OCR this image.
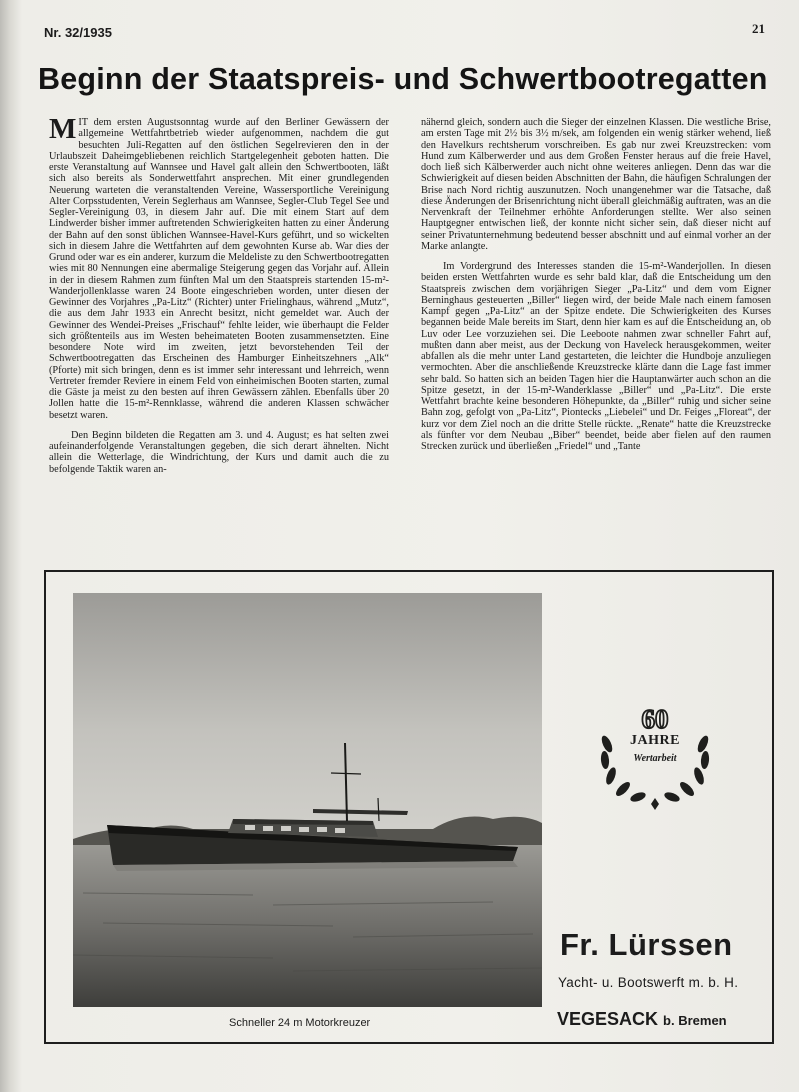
Nr. 32/1935	21
Beginn der Staatspreis- und Schwertbootregatten

MIT dem ersten Augustsonntag wurde auf den Berliner Gewässern der allgemeine Wettfahrtbetrieb wieder aufgenommen, nachdem die gut besuchten Juli-Regatten auf den östlichen Segelrevieren den in der Urlaubszeit Daheimgebliebenen reichlich Startgelegenheit geboten hatten. Die erste Veranstaltung auf Wannsee und Havel galt allein den Schwertbooten, läßt sich also bereits als Sonderwettfahrt ansprechen. Mit einer grundlegenden Neuerung warteten die veranstaltenden Vereine, Wassersportliche Vereinigung Alter Corpsstudenten, Verein Seglerhaus am Wannsee, Segler-Club Tegel See und Segler-Vereinigung 03, in diesem Jahr auf. Die mit einem Start auf dem Lindwerder bisher immer auftretenden Schwierigkeiten hatten zu einer Änderung der Bahn auf den sonst üblichen Wannsee-Havel-Kurs geführt, und so wickelten sich in diesem Jahre die Wettfahrten auf dem gewohnten Kurse ab. War dies der Grund oder war es ein anderer, kurzum die Meldeliste zu den Schwertbootregatten wies mit 80 Nennungen eine abermalige Steigerung gegen das Vorjahr auf. Allein in der in diesem Rahmen zum fünften Mal um den Staatspreis startenden 15-m²-Wanderjollenklasse waren 24 Boote eingeschrieben worden, unter diesen der Gewinner des Vorjahres „Pa-Litz“ (Richter) unter Frielinghaus, während „Mutz“, die aus dem Jahr 1933 ein Anrecht besitzt, nicht gemeldet war. Auch der Gewinner des Wendei-Preises „Frischauf“ fehlte leider, wie überhaupt die Felder sich größtenteils aus im Westen beheimateten Booten zusammensetzten. Eine besondere Note wird im zweiten, jetzt bevorstehenden Teil der Schwertbootregatten das Erscheinen des Hamburger Einheitszehners „Alk“ (Pforte) mit sich bringen, denn es ist immer sehr interessant und lehrreich, wenn Vertreter fremder Reviere in einem Feld von einheimischen Booten starten, zumal die Gäste ja meist zu den besten auf ihren Gewässern zählen. Ebenfalls über 20 Jollen hatte die 15-m²-Rennklasse, während die anderen Klassen schwächer besetzt waren.

Den Beginn bildeten die Regatten am 3. und 4. August; es hat selten zwei aufeinanderfolgende Veranstaltungen gegeben, die sich derart ähnelten. Nicht allein die Wetterlage, die Windrichtung, der Kurs und damit auch die zu befolgende Taktik waren an-

nähernd gleich, sondern auch die Sieger der einzelnen Klassen. Die westliche Brise, am ersten Tage mit 2½ bis 3½ m/sek, am folgenden ein wenig stärker wehend, ließ den Havelkurs rechtsherum vorschreiben. Es gab nur zwei Kreuzstrecken: vom Hund zum Kälberwerder und aus dem Großen Fenster heraus auf die freie Havel, doch ließ sich Kälberwerder auch nicht ohne weiteres anliegen. Denn das war die Schwierigkeit auf diesen beiden Abschnitten der Bahn, die häufigen Schralungen der Brise nach Nord richtig auszunutzen. Noch unangenehmer war die Tatsache, daß diese Änderungen der Brisenrichtung nicht überall gleichmäßig auftraten, was an die Nervenkraft der Teilnehmer erhöhte Anforderungen stellte. Wer also seinen Hauptgegner entwischen ließ, der konnte nicht sicher sein, daß dieser nicht auf seiner Privatunternehmung bedeutend besser abschnitt und auf einmal vorher an der Marke anlangte.

Im Vordergrund des Interesses standen die 15-m²-Wanderjollen. In diesen beiden ersten Wettfahrten wurde es sehr bald klar, daß die Entscheidung um den Staatspreis zwischen dem vorjährigen Sieger „Pa-Litz“ und dem vom Eigner Berninghaus gesteuerten „Biller“ liegen wird, der beide Male nach einem famosen Kampf gegen „Pa-Litz“ an der Spitze endete. Die Schwierigkeiten des Kurses begannen beide Male bereits im Start, denn hier kam es auf die Entscheidung an, ob Luv oder Lee vorzuziehen sei. Die Leeboote nahmen zwar schneller Fahrt auf, mußten dann aber meist, aus der Deckung von Haveleck herausgekommen, weiter abfallen als die mehr unter Land gestarteten, die leichter die Hundboje anzuliegen vermochten. Aber die anschließende Kreuzstrecke klärte dann die Lage fast immer sehr bald. So hatten sich an beiden Tagen hier die Hauptanwärter auch schon an die Spitze gesetzt, in der 15-m²-Wanderklasse „Biller“ und „Pa-Litz“. Die erste Wettfahrt brachte keine besonderen Höhepunkte, da „Biller“ ruhig und sicher seine Bahn zog, gefolgt von „Pa-Litz“, Piontecks „Liebelei“ und Dr. Feiges „Floreat“, der kurz vor dem Ziel noch an die dritte Stelle rückte. „Renate“ hatte die Kreuzstrecke als fünfter vor dem Neubau „Biber“ beendet, beide aber fielen auf den raumen Strecken zurück und überließen „Friedel“ und „Tante

Schneller 24 m Motorkreuzer
60
JAHRE
Wertarbeit
Fr. Lürssen
Yacht- u. Bootswerft m. b. H.
VEGESACK b. Bremen
